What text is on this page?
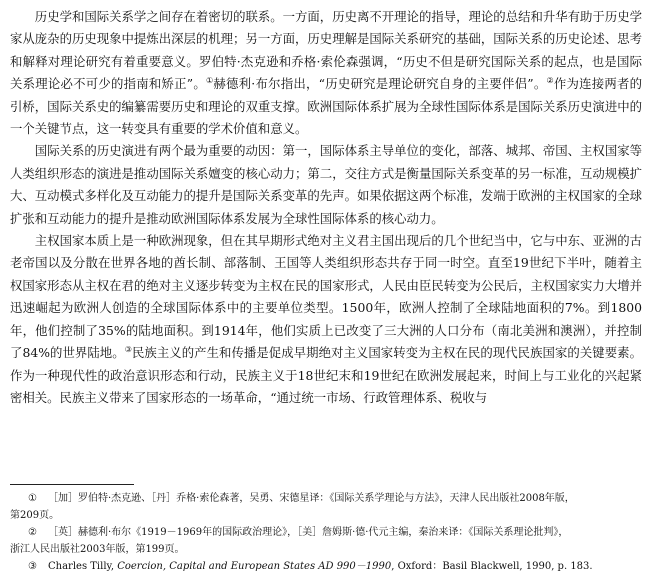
历史学和国际关系学之间存在着密切的联系。一方面，历史离不开理论的指导，理论的总结和升华有助于历史学家从庞杂的历史现象中提炼出深层的机理；另一方面，历史理解是国际关系研究的基础，国际关系的历史论述、思考和解释对理论研究有着重要意义。罗伯特·杰克逊和乔格·索伦森强调，“历史不但是研究国际关系的起点，也是国际关系理论必不可少的指南和矫正”。①赫德利·布尔指出，“历史研究是理论研究自身的主要伴侣”。②作为连接两者的引桥，国际关系史的编纂需要历史和理论的双重支撑。欧洲国际体系扩展为全球性国际体系是国际关系历史演进中的一个关键节点，这一转变具有重要的学术价值和意义。

国际关系的历史演进有两个最为重要的动因：第一，国际体系主导单位的变化，部落、城邦、帝国、主权国家等人类组织形态的演进是推动国际关系嬗变的核心动力；第二，交往方式是衡量国际关系变革的另一标准，互动规模扩大、互动模式多样化及互动能力的提升是国际关系变革的先声。如果依据这两个标准，发端于欧洲的主权国家的全球扩张和互动能力的提升是推动欧洲国际体系发展为全球性国际体系的核心动力。

主权国家本质上是一种欧洲现象，但在其早期形式绝对主义君主国出现后的几个世纪当中，它与中东、亚洲的古老帝国以及分散在世界各地的酋长制、部落制、王国等人类组织形态共存于同一时空。直至19世纪下半叶，随着主权国家形态从主权在君的绝对主义逐步转变为主权在民的国家形式，人民由臣民转变为公民后，主权国家实力大增并迅速崛起为欧洲人创造的全球国际体系中的主要单位类型。1500年，欧洲人控制了全球陆地面积的7%。到1800年，他们控制了35%的陆地面积。到1914年，他们实质上已改变了三大洲的人口分布（南北美洲和澳洲），并控制了84%的世界陆地。③民族主义的产生和传播是促成早期绝对主义国家转变为主权在民的现代民族国家的关键要素。作为一种现代性的政治意识形态和行动，民族主义于18世纪末和19世纪在欧洲发展起来，时间上与工业化的兴起紧密相关。民族主义带来了国家形态的一场革命，“通过统一市场、行政管理体系、税收与

① ［加］罗伯特·杰克逊、［丹］乔格·索伦森著，吴勇、宋德星译：《国际关系学理论与方法》，天津人民出版社2008年版，

第209页。

② ［英］赫德利·布尔《1919－1969年的国际政治理论》，［美］詹姆斯·德·代元主编，秦治来译：《国际关系理论批判》，

浙江人民出版社2003年版，第199页。

③ Charles Tilly, Coercion, Capital and European States AD 990－1990, Oxford：Basil Blackwell, 1990, p. 183.
